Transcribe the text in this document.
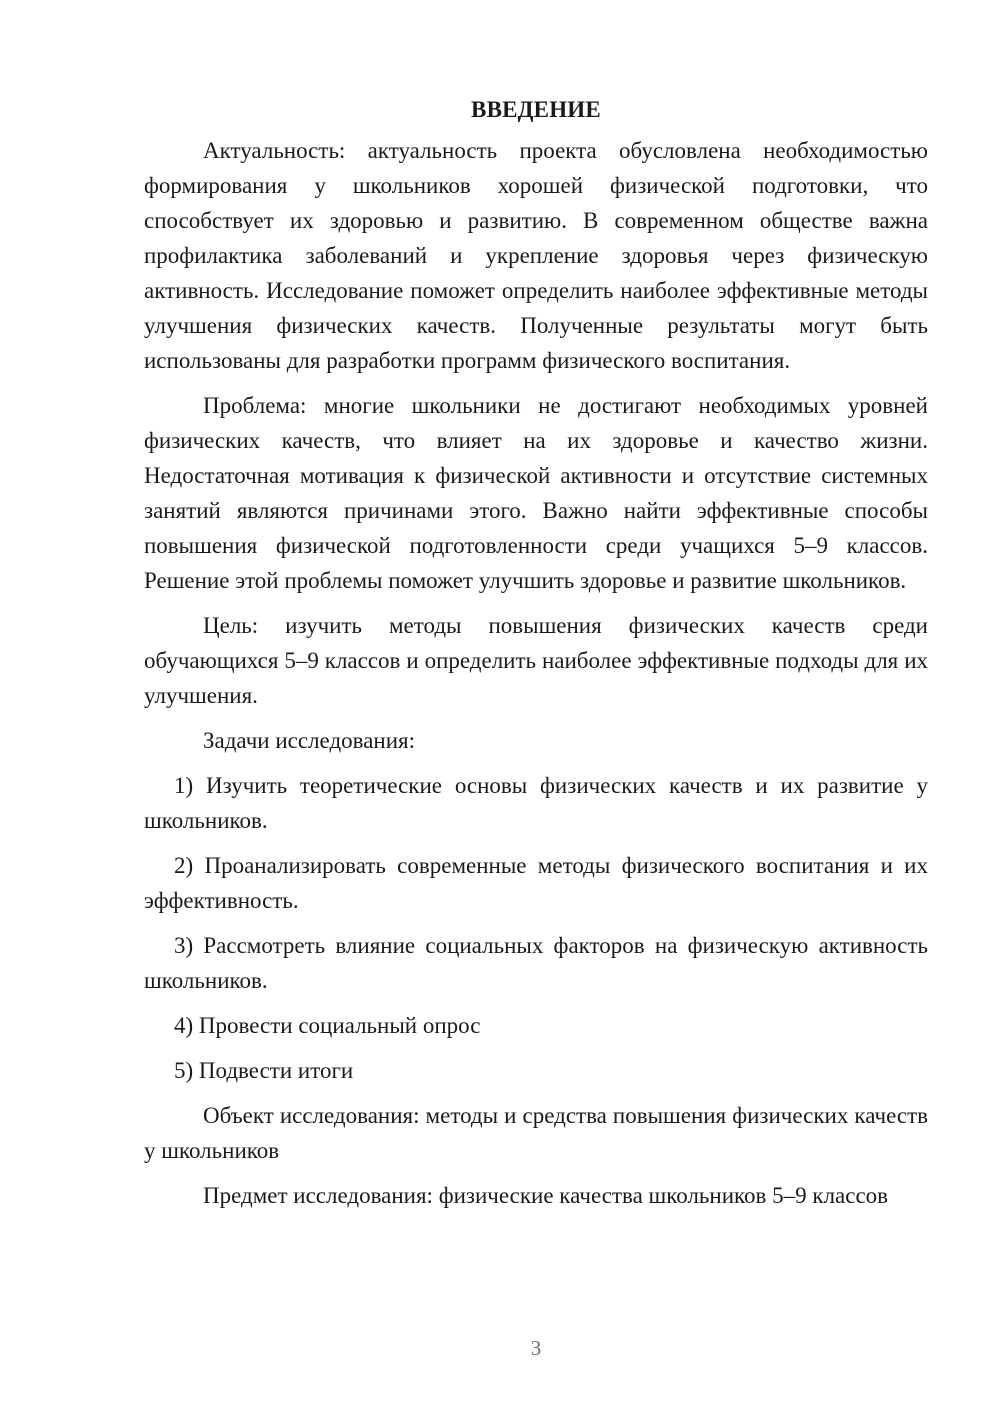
ВВЕДЕНИЕ

Актуальность: актуальность проекта обусловлена необходимостью формирования у школьников хорошей физической подготовки, что способствует их здоровью и развитию. В современном обществе важна профилактика заболеваний и укрепление здоровья через физическую активность. Исследование поможет определить наиболее эффективные методы улучшения физических качеств. Полученные результаты могут быть использованы для разработки программ физического воспитания.

Проблема: многие школьники не достигают необходимых уровней физических качеств, что влияет на их здоровье и качество жизни. Недостаточная мотивация к физической активности и отсутствие системных занятий являются причинами этого. Важно найти эффективные способы повышения физической подготовленности среди учащихся 5–9 классов. Решение этой проблемы поможет улучшить здоровье и развитие школьников.

Цель: изучить методы повышения физических качеств среди обучающихся 5–9 классов и определить наиболее эффективные подходы для их улучшения.

Задачи исследования:

1) Изучить теоретические основы физических качеств и их развитие у школьников.

2) Проанализировать современные методы физического воспитания и их эффективность.

3) Рассмотреть влияние социальных факторов на физическую активность школьников.

4) Провести социальный опрос

5) Подвести итоги

Объект исследования: методы и средства повышения физических качеств у школьников

Предмет исследования: физические качества школьников 5–9 классов

3
